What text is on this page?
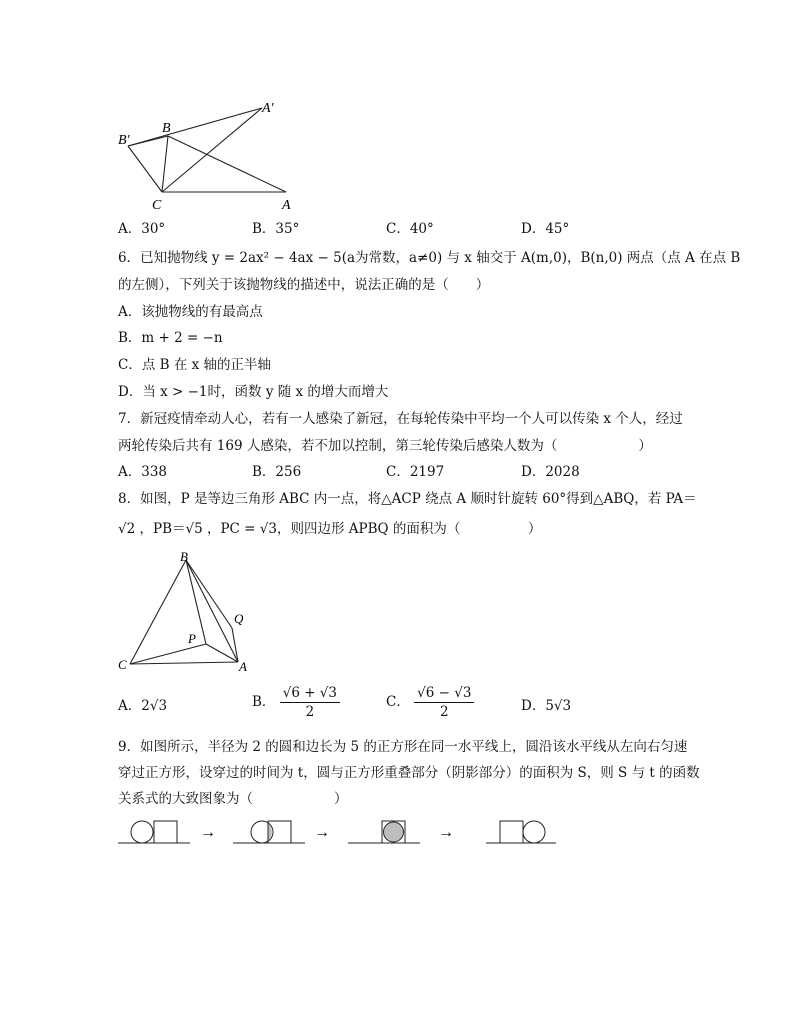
A′
B
B′
C	A
A．30°	B．35°	C．40°	D．45°
6．已知抛物线 y = 2ax² − 4ax − 5(a为常数，a≠0) 与 x 轴交于 A(m,0)，B(n,0) 两点（点 A 在点 B
的左侧），下列关于该抛物线的描述中，说法正确的是（　　）
A．该抛物线的有最高点
B．m + 2 = −n
C．点 B 在 x 轴的正半轴
D．当 x > −1时，函数 y 随 x 的增大而增大
7．新冠疫情牵动人心，若有一人感染了新冠，在每轮传染中平均一个人可以传染 x 个人，经过
两轮传染后共有 169 人感染，若不加以控制，第三轮传染后感染人数为（　　　　　　）
A．338	B．256	C．2197	D．2028
8．如图，P 是等边三角形 ABC 内一点，将△ACP 绕点 A 顺时针旋转 60°得到△ABQ，若 PA＝
√2 ，PB＝√5 ，PC = √3，则四边形 APBQ 的面积为（　　　　　）
B
Q
P
C	A
A．2√3	B． $\frac{√6 + √3}{2}$	C． $\frac{√6 - √3}{2}$	D．5√3
9．如图所示，半径为 2 的圆和边长为 5 的正方形在同一水平线上，圆沿该水平线从左向右匀速
穿过正方形，设穿过的时间为 t，圆与正方形重叠部分（阴影部分）的面积为 S，则 S 与 t 的函数
关系式的大致图象为（　　　　　　）
→	→	→
